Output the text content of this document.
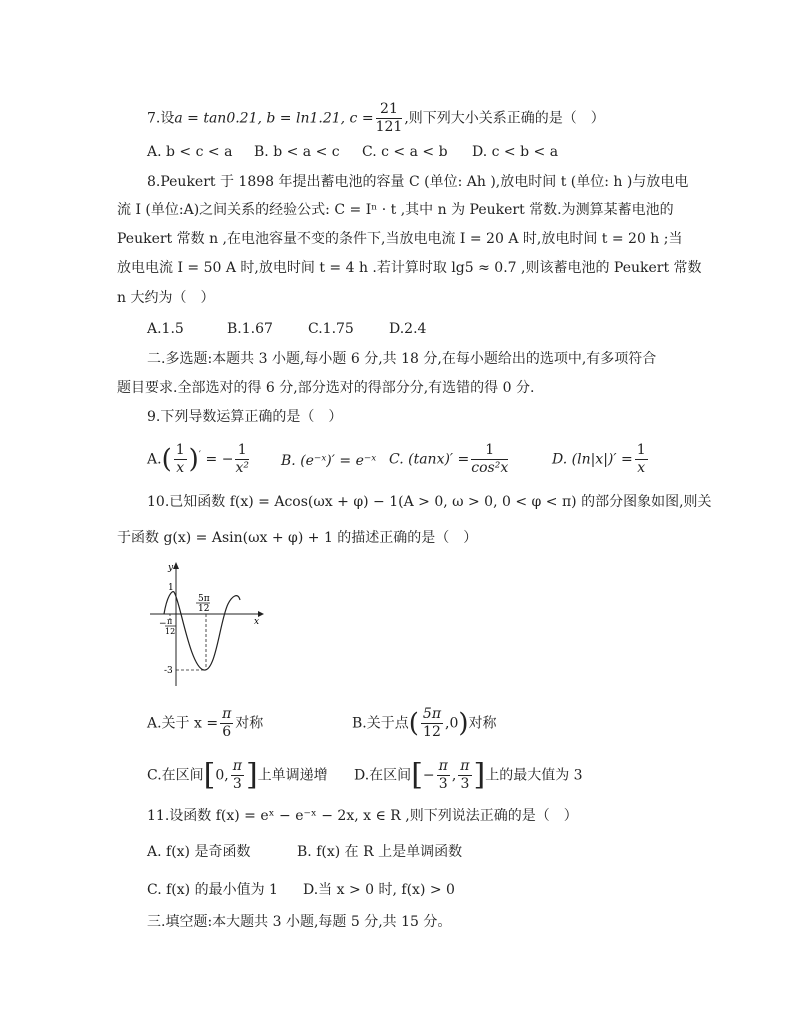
7.设a = tan0.21, b = ln1.21, $c = \frac{21}{121}$ ,则下列大小关系正确的是（　）
A. b < c < a B. b < a < c C. c < a < b D. c < b < a
8.Peukert 于 1898 年提出蓄电池的容量 C (单位: Ah ),放电时间 t (单位: h )与放电电
流 I (单位:A)之间关系的经验公式: C = Iⁿ · t ,其中 n 为 Peukert 常数.为测算某蓄电池的
Peukert 常数 n ,在电池容量不变的条件下,当放电电流 I = 20 A 时,放电时间 t = 20 h ;当
放电电流 I = 50 A 时,放电时间 t = 4 h .若计算时取 lg5 ≈ 0.7 ,则该蓄电池的 Peukert 常数
n 大约为（　）
A.1.5	B.1.67	C.1.75	D.2.4
二.多选题:本题共 3 小题,每小题 6 分,共 18 分,在每小题给出的选项中,有多项符合
题目要求.全部选对的得 6 分,部分选对的得部分分,有选错的得 0 分.
9.下列导数运算正确的是（　）
$A.( \frac{1}{x} )'$ = − $\frac{1}{\text{x²}} B$. (e⁻ˣ)′ = e⁻ˣ C. $(\tan x)' = \frac{1}{\text{cos²x}}$	D. $(\ln|x|)' = \frac{1}{x}$
10.已知函数 f(x) = Acos(ωx + φ) − 1(A > 0, ω > 0, 0 < φ < π) 的部分图象如图,则关
于函数 g(x) = Asin(ωx + φ) + 1 的描述正确的是（　）
y
x
1
-3
5π
12
− π
12
A.关于 $x = \frac{\pi}{6}$ 对称	B.关于点( $\frac{5\pi}{12} ,0$)对称
C.在区间[0, $\frac{\pi}{3}$ ]上单调递增 D.在区间[− $\frac{\pi}{3}$ , $\frac{\pi}{3}$ ]上的最大值为 3
11.设函数 f(x) = eˣ − e⁻ˣ − 2x, x ∈ R ,则下列说法正确的是（　）
A. f(x) 是奇函数	B. f(x) 在 R 上是单调函数
C. f(x) 的最小值为 1 D.当 x > 0 时, f(x) > 0
三.填空题:本大题共 3 小题,每题 5 分,共 15 分。
